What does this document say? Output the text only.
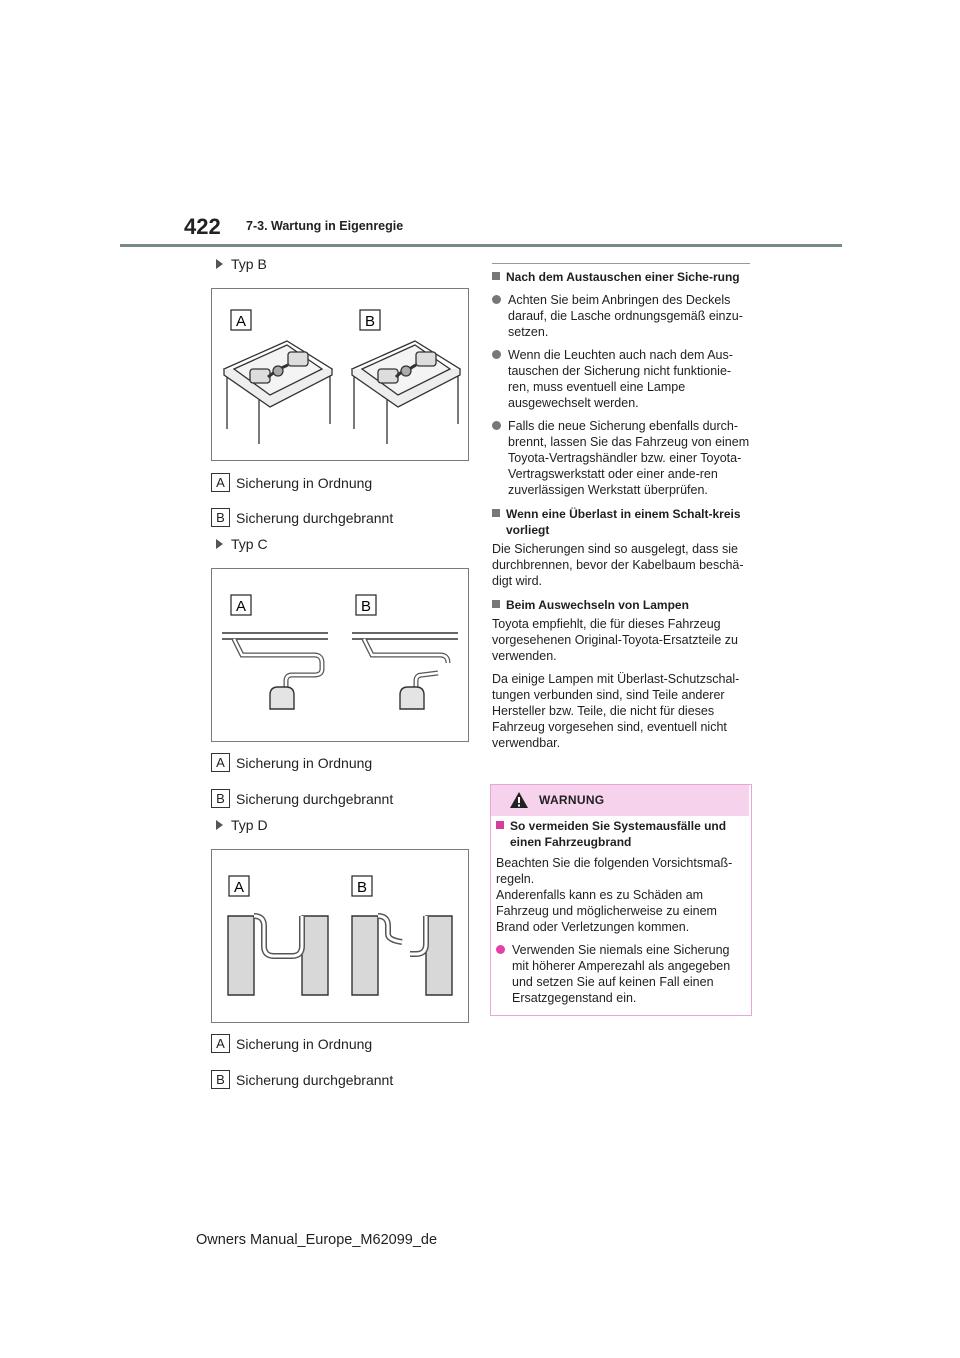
422 7-3. Wartung in Eigenregie
Typ B
A	B
A Sicherung in Ordnung
B Sicherung durchgebrannt
Typ C
A	B
A Sicherung in Ordnung
B Sicherung durchgebrannt
Typ D
A	B
A Sicherung in Ordnung
B Sicherung durchgebrannt

Nach dem Austauschen einer Siche-rung

Achten Sie beim Anbringen des Deckels darauf, die Lasche ordnungsgemäß einzu-setzen.

Wenn die Leuchten auch nach dem Aus-tauschen der Sicherung nicht funktionie-ren, muss eventuell eine Lampe ausgewechselt werden.

Falls die neue Sicherung ebenfalls durch-brennt, lassen Sie das Fahrzeug von einem Toyota-Vertragshändler bzw. einer Toyota-Vertragswerkstatt oder einer ande-ren zuverlässigen Werkstatt überprüfen.

Wenn eine Überlast in einem Schalt-kreis vorliegt

Die Sicherungen sind so ausgelegt, dass sie durchbrennen, bevor der Kabelbaum beschä-digt wird.

Beim Auswechseln von Lampen

Toyota empfiehlt, die für dieses Fahrzeug vorgesehenen Original-Toyota-Ersatzteile zu verwenden.

Da einige Lampen mit Überlast-Schutzschal-tungen verbunden sind, sind Teile anderer Hersteller bzw. Teile, die nicht für dieses Fahrzeug vorgesehen sind, eventuell nicht verwendbar.

WARNUNG

So vermeiden Sie Systemausfälle und einen Fahrzeugbrand

Beachten Sie die folgenden Vorsichtsmaß-regeln.

Anderenfalls kann es zu Schäden am Fahrzeug und möglicherweise zu einem Brand oder Verletzungen kommen.

Verwenden Sie niemals eine Sicherung mit höherer Amperezahl als angegeben und setzen Sie auf keinen Fall einen Ersatzgegenstand ein.

Owners Manual_Europe_M62099_de
